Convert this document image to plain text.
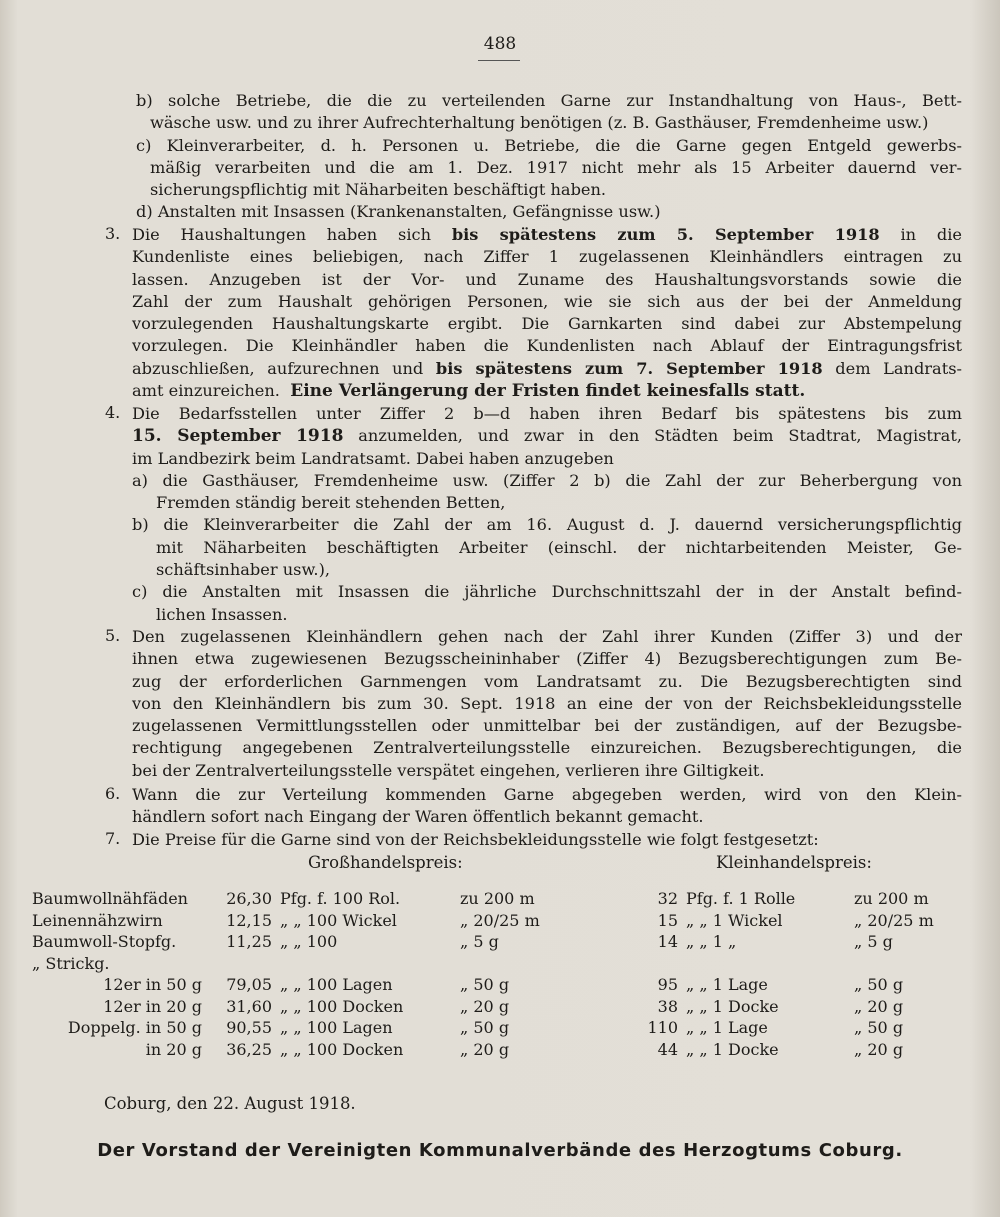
488
b) solche Betriebe, die die zu verteilenden Garne zur Instandhaltung von Haus-, Bett-
wäsche usw. und zu ihrer Aufrechterhaltung benötigen (z. B. Gasthäuser, Fremdenheime usw.)
c) Kleinverarbeiter, d. h. Personen u. Betriebe, die die Garne gegen Entgeld gewerbs-
mäßig verarbeiten und die am 1. Dez. 1917 nicht mehr als 15 Arbeiter dauernd ver-
sicherungspflichtig mit Näharbeiten beschäftigt haben.
d) Anstalten mit Insassen (Krankenanstalten, Gefängnisse usw.)
3. Die Haushaltungen haben sich bis spätestens zum 5. September 1918 in die
Kundenliste eines beliebigen, nach Ziffer 1 zugelassenen Kleinhändlers eintragen zu
lassen. Anzugeben ist der Vor- und Zuname des Haushaltungsvorstands sowie die
Zahl der zum Haushalt gehörigen Personen, wie sie sich aus der bei der Anmeldung
vorzulegenden Haushaltungskarte ergibt. Die Garnkarten sind dabei zur Abstempelung
vorzulegen. Die Kleinhändler haben die Kundenlisten nach Ablauf der Eintragungsfrist
abzuschließen, aufzurechnen und bis spätestens zum 7. September 1918 dem Landrats-
amt einzureichen. Eine Verlängerung der Fristen findet keinesfalls statt.
4. Die Bedarfsstellen unter Ziffer 2 b—d haben ihren Bedarf bis spätestens bis zum
15. September 1918 anzumelden, und zwar in den Städten beim Stadtrat, Magistrat,
im Landbezirk beim Landratsamt. Dabei haben anzugeben
a) die Gasthäuser, Fremdenheime usw. (Ziffer 2 b) die Zahl der zur Beherbergung von
Fremden ständig bereit stehenden Betten,
b) die Kleinverarbeiter die Zahl der am 16. August d. J. dauernd versicherungspflichtig
mit Näharbeiten beschäftigten Arbeiter (einschl. der nichtarbeitenden Meister, Ge-
schäftsinhaber usw.),
c) die Anstalten mit Insassen die jährliche Durchschnittszahl der in der Anstalt befind-
lichen Insassen.
5. Den zugelassenen Kleinhändlern gehen nach der Zahl ihrer Kunden (Ziffer 3) und der
ihnen etwa zugewiesenen Bezugsscheininhaber (Ziffer 4) Bezugsberechtigungen zum Be-
zug der erforderlichen Garnmengen vom Landratsamt zu. Die Bezugsberechtigten sind
von den Kleinhändlern bis zum 30. Sept. 1918 an eine der von der Reichsbekleidungsstelle
zugelassenen Vermittlungsstellen oder unmittelbar bei der zuständigen, auf der Bezugsbe-
rechtigung angegebenen Zentralverteilungsstelle einzureichen. Bezugsberechtigungen, die
bei der Zentralverteilungsstelle verspätet eingehen, verlieren ihre Giltigkeit.
6. Wann die zur Verteilung kommenden Garne abgegeben werden, wird von den Klein-
händlern sofort nach Eingang der Waren öffentlich bekannt gemacht.
7. Die Preise für die Garne sind von der Reichsbekleidungsstelle wie folgt festgesetzt:
Großhandelspreis:	Kleinhandelspreis:
Baumwollnähfäden	26,30	Pfg. f. 100 Rol.	zu 200 m	32	Pfg. f. 1 Rolle	zu 200 m
Leinennähzwirn	12,15	„ „ 100 Wickel	„ 20/25 m	15	„ „ 1 Wickel	„ 20/25 m
Baumwoll-Stopfg.	11,25	„ „ 100	„ 5 g	14	„ „ 1 „	„ 5 g
„ Strickg.						
12er in 50 g	79,05	„ „ 100 Lagen	„ 50 g	95	„ „ 1 Lage	„ 50 g
12er in 20 g	31,60	„ „ 100 Docken	„ 20 g	38	„ „ 1 Docke	„ 20 g
Doppelg. in 50 g	90,55	„ „ 100 Lagen	„ 50 g	110	„ „ 1 Lage	„ 50 g
in 20 g	36,25	„ „ 100 Docken	„ 20 g	44	„ „ 1 Docke	„ 20 g
Coburg, den 22. August 1918.
Der Vorstand der Vereinigten Kommunalverbände des Herzogtums Coburg.
